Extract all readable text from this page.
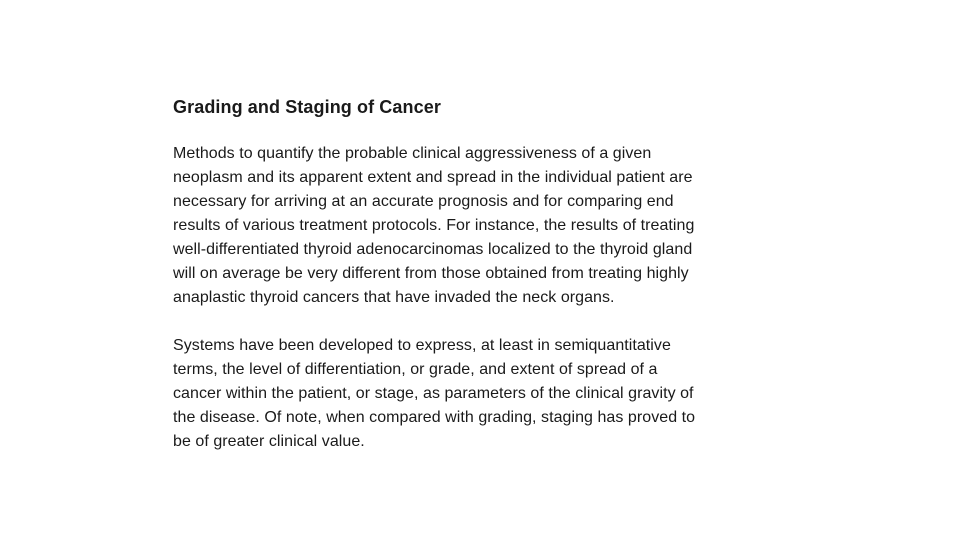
Grading and Staging of Cancer

Methods to quantify the probable clinical aggressiveness of a given
neoplasm and its apparent extent and spread in the individual patient are
necessary for arriving at an accurate prognosis and for comparing end
results of various treatment protocols. For instance, the results of treating
well-differentiated thyroid adenocarcinomas localized to the thyroid gland
will on average be very different from those obtained from treating highly
anaplastic thyroid cancers that have invaded the neck organs.

Systems have been developed to express, at least in semiquantitative
terms, the level of differentiation, or grade, and extent of spread of a
cancer within the patient, or stage, as parameters of the clinical gravity of
the disease. Of note, when compared with grading, staging has proved to
be of greater clinical value.
